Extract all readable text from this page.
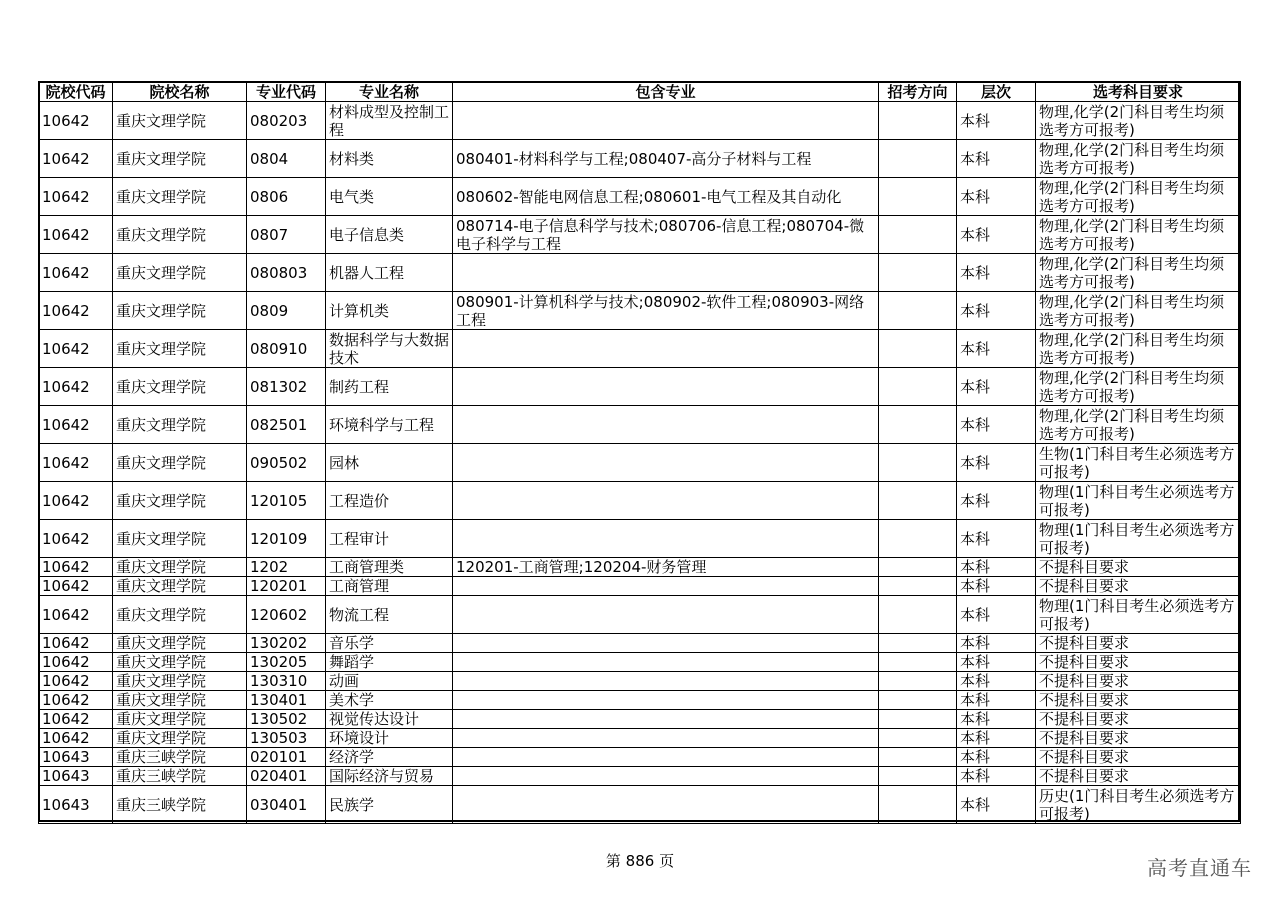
院校代码	院校名称	专业代码	专业名称	包含专业	招考方向	层次	选考科目要求
10642	重庆文理学院	080203	材料成型及控制工程			本科	物理,化学(2门科目考生均须选考方可报考)
10642	重庆文理学院	0804	材料类	080401-材料科学与工程;080407-高分子材料与工程		本科	物理,化学(2门科目考生均须选考方可报考)
10642	重庆文理学院	0806	电气类	080602-智能电网信息工程;080601-电气工程及其自动化		本科	物理,化学(2门科目考生均须选考方可报考)
10642	重庆文理学院	0807	电子信息类	080714-电子信息科学与技术;080706-信息工程;080704-微电子科学与工程		本科	物理,化学(2门科目考生均须选考方可报考)
10642	重庆文理学院	080803	机器人工程			本科	物理,化学(2门科目考生均须选考方可报考)
10642	重庆文理学院	0809	计算机类	080901-计算机科学与技术;080902-软件工程;080903-网络工程		本科	物理,化学(2门科目考生均须选考方可报考)
10642	重庆文理学院	080910	数据科学与大数据技术			本科	物理,化学(2门科目考生均须选考方可报考)
10642	重庆文理学院	081302	制药工程			本科	物理,化学(2门科目考生均须选考方可报考)
10642	重庆文理学院	082501	环境科学与工程			本科	物理,化学(2门科目考生均须选考方可报考)
10642	重庆文理学院	090502	园林			本科	生物(1门科目考生必须选考方可报考)
10642	重庆文理学院	120105	工程造价			本科	物理(1门科目考生必须选考方可报考)
10642	重庆文理学院	120109	工程审计			本科	物理(1门科目考生必须选考方可报考)
10642	重庆文理学院	1202	工商管理类	120201-工商管理;120204-财务管理		本科	不提科目要求
10642	重庆文理学院	120201	工商管理			本科	不提科目要求
10642	重庆文理学院	120602	物流工程			本科	物理(1门科目考生必须选考方可报考)
10642	重庆文理学院	130202	音乐学			本科	不提科目要求
10642	重庆文理学院	130205	舞蹈学			本科	不提科目要求
10642	重庆文理学院	130310	动画			本科	不提科目要求
10642	重庆文理学院	130401	美术学			本科	不提科目要求
10642	重庆文理学院	130502	视觉传达设计			本科	不提科目要求
10642	重庆文理学院	130503	环境设计			本科	不提科目要求
10643	重庆三峡学院	020101	经济学			本科	不提科目要求
10643	重庆三峡学院	020401	国际经济与贸易			本科	不提科目要求
10643	重庆三峡学院	030401	民族学			本科	历史(1门科目考生必须选考方可报考)
第 886 页	高考直通车
